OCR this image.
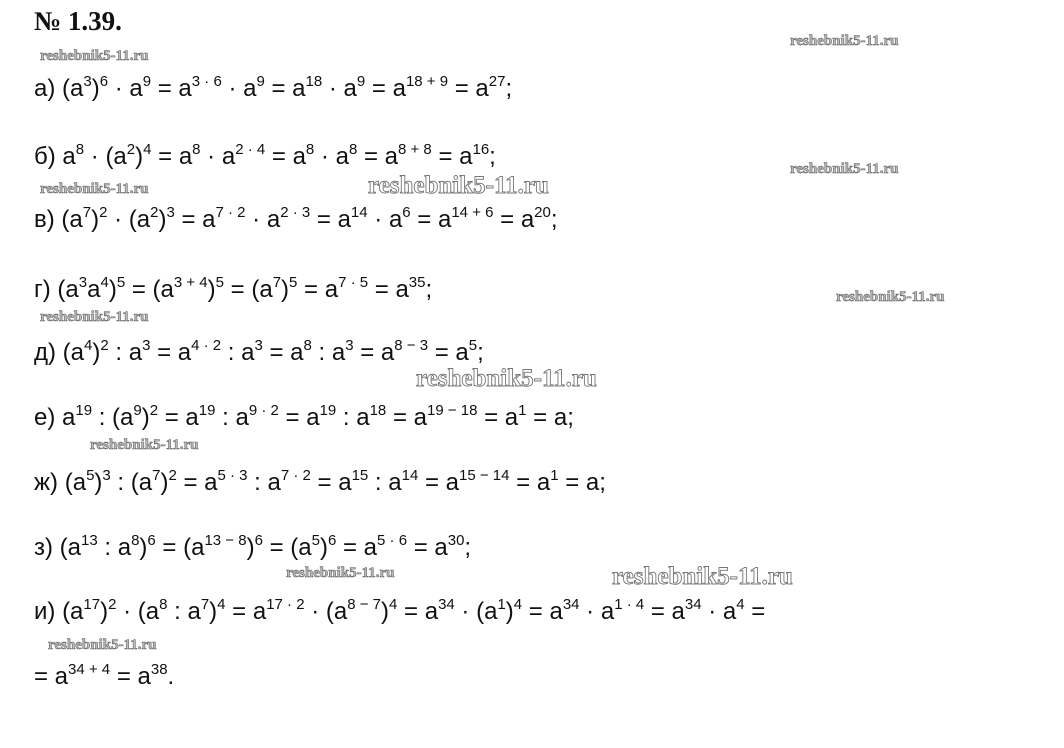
№ 1.39.
а) $(a^3)^6 \cdot a^9 = a^{3 \cdot 6} \cdot a^9 = a^{18} \cdot a^9 = a^{18 + 9} = a^{27}$;
б) $a^8 \cdot (a^2)^4 = a^8 \cdot a^{2 \cdot 4} = a^8 \cdot a^8 = a^{8 + 8} = a^{16}$;
в) $(a^7)^2 \cdot (a^2)^3 = a^{7 \cdot 2} \cdot a^{2 \cdot 3} = a^{14} \cdot a^6 = a^{14 + 6} = a^{20}$;
г) $(a^3a^4)^5 = (a^{3 + 4})^5 = (a^7)^5 = a^{7 \cdot 5} = a^{35}$;
д) $(a^4)^2$ : $a^3 = a^{4 \cdot 2}$ : $a^3 = a^8$ : $a^3 = a^{8 - 3} = a^5$;
е) $a^{19}$ : $(a^9)^2 = a^{19}$ : $a^{9 \cdot 2} = a^{19}$ : $a^{18} = a^{19 - 18} = a^1 = a$;
ж) $(a^5)^3$ : $(a^7)^2 = a^{5 \cdot 3}$ : $a^{7 \cdot 2} = a^{15}$ : $a^{14} = a^{15 - 14} = a^1 = a$;
з) ($a^{13}$ : $a^8)^6 = (a^{13 - 8})^6 = (a^5)^6 = a^{5 \cdot 6} = a^{30}$;
и) $(a^{17})^2 \cdot (a^8$ : $a^7)^4 = a^{17 \cdot 2} \cdot (a^{8 - 7})^4 = a^{34} \cdot (a^1)^4 = a^{34} \cdot a^{1 \cdot 4} = a^{34} \cdot a^4$ =
= $a^{34 + 4} = a^{38}$.
reshebnik5-11.ru
reshebnik5-11.ru
reshebnik5-11.ru	reshebnik5-11.ru
reshebnik5-11.ru
reshebnik5-11.ru
reshebnik5-11.ru
reshebnik5-11.ru
reshebnik5-11.ru
reshebnik5-11.ru	reshebnik5-11.ru
reshebnik5-11.ru
